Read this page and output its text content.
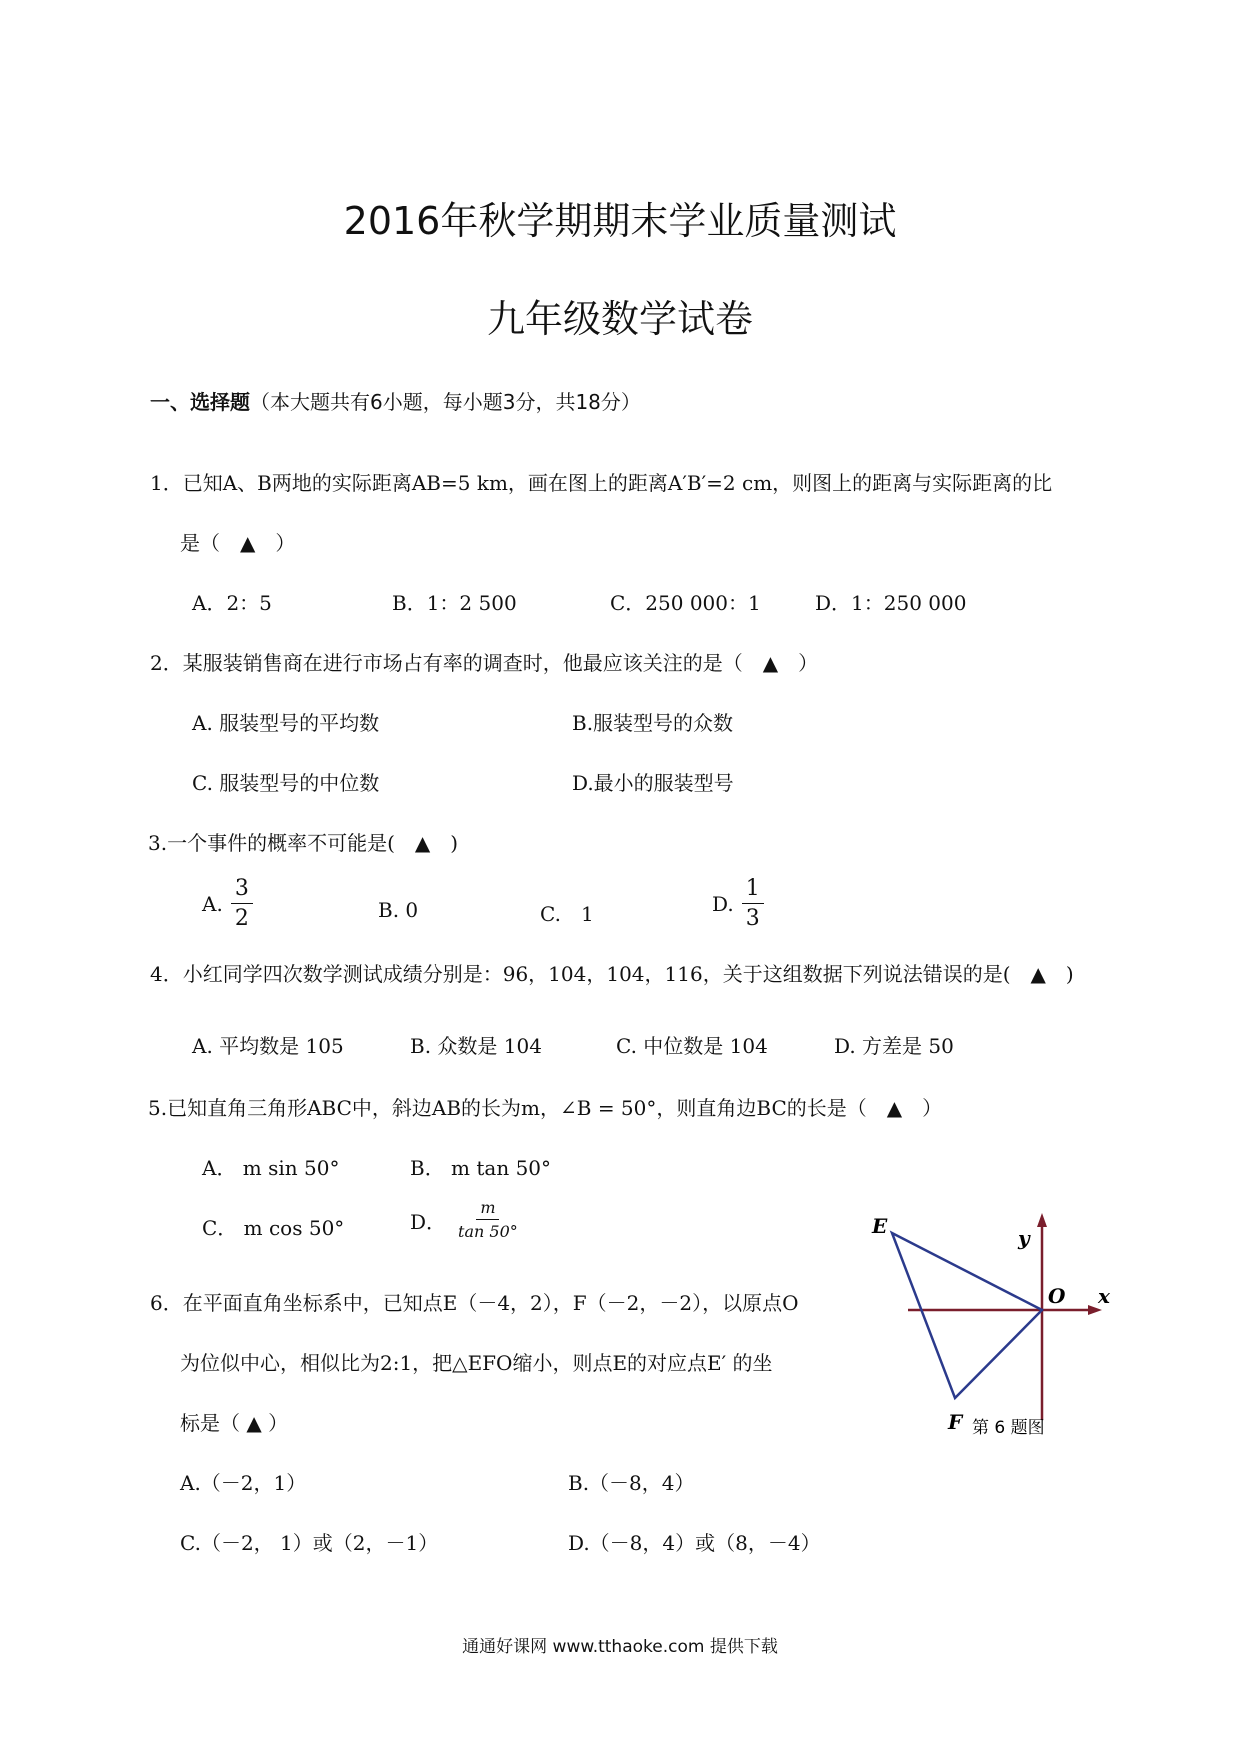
2016年秋学期期末学业质量测试
九年级数学试卷
一、选择题（本大题共有6小题，每小题3分，共18分）
1．已知A、B两地的实际距离AB=5 km，画在图上的距离A′B′=2 cm，则图上的距离与实际距离的比
是（　▲　）
A．2：5	B．1：2 500	C．250 000：1	D．1：250 000
2．某服装销售商在进行市场占有率的调查时，他最应该关注的是（　▲　）
A. 服装型号的平均数	B.服装型号的众数
C. 服装型号的中位数	D.最小的服装型号
3.一个事件的概率不可能是(　▲　)
A. $\frac{3}{2}$	B. 0	C.　1	D. $\frac{1}{3}$
4．小红同学四次数学测试成绩分别是：96，104，104，116，关于这组数据下列说法错误的是(　▲　)
A. 平均数是 105	B. 众数是 104	C. 中位数是 104	D. 方差是 50
5.已知直角三角形ABC中，斜边AB的长为m，∠B = 50°，则直角边BC的长是（　▲　）
A． m sin 50°	B． m tan 50°
C． m cos 50°	D． $\frac{m}{\tan 50^\circ}$
6．在平面直角坐标系中，已知点E（－4，2），F（－2，－2），以原点O
为位似中心，相似比为2:1，把△EFO缩小，则点E的对应点E′ 的坐
标是（ ▲ ）
A.（－2，1）	B.（－8，4）
C.（－2， 1）或（2，－1）	D.（－8，4）或（8，－4）
E
F
O x
y
第 6 题图
通通好课网 www.tthaoke.com 提供下载
